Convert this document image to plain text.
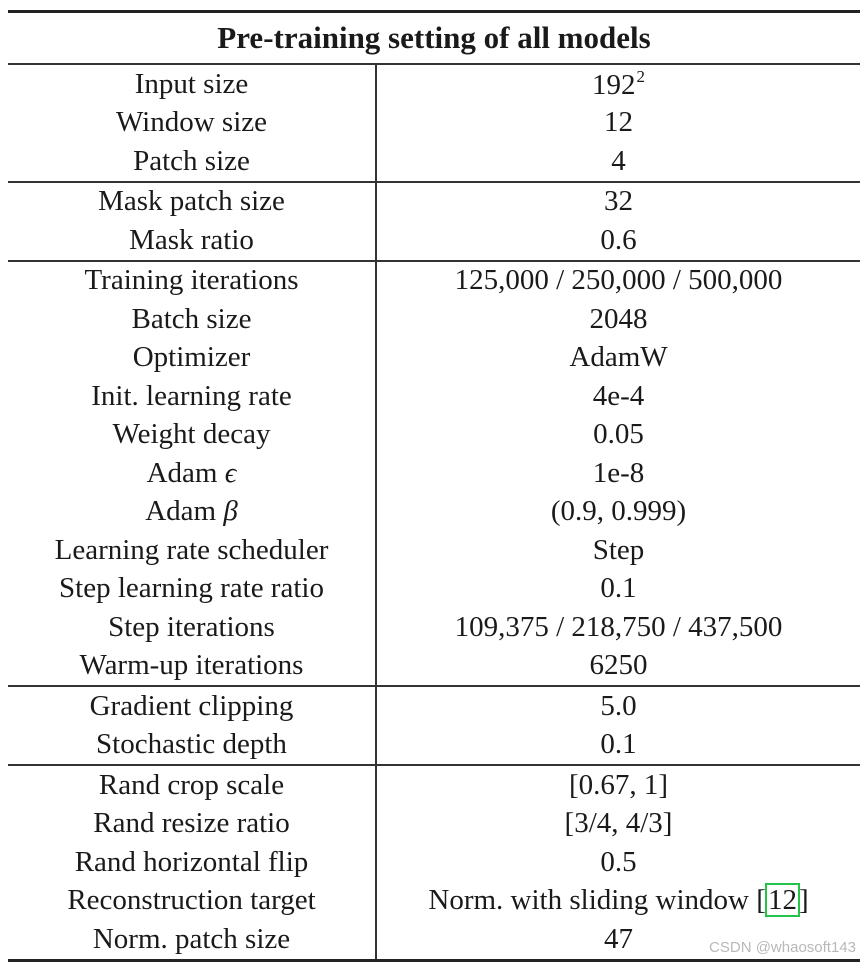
Pre-training setting of all models	
Input size	$192^2$
Window size	12
Patch size	4
Mask patch size	32
Mask ratio	0.6
Training iterations	125,000 / 250,000 / 500,000
Batch size	2048
Optimizer	AdamW
Init. learning rate	4e-4
Weight decay	0.05
Adam ϵ	1e-8
Adam β	(0.9, 0.999)
Learning rate scheduler	Step
Step learning rate ratio	0.1
Step iterations	109,375 / 218,750 / 437,500
Warm-up iterations	6250
Gradient clipping	5.0
Stochastic depth	0.1
Rand crop scale	[0.67, 1]
Rand resize ratio	[3/4, 4/3]
Rand horizontal flip	0.5
Reconstruction target	Norm. with sliding window [12]
Norm. patch size	47	CSDN @whaosoft143
